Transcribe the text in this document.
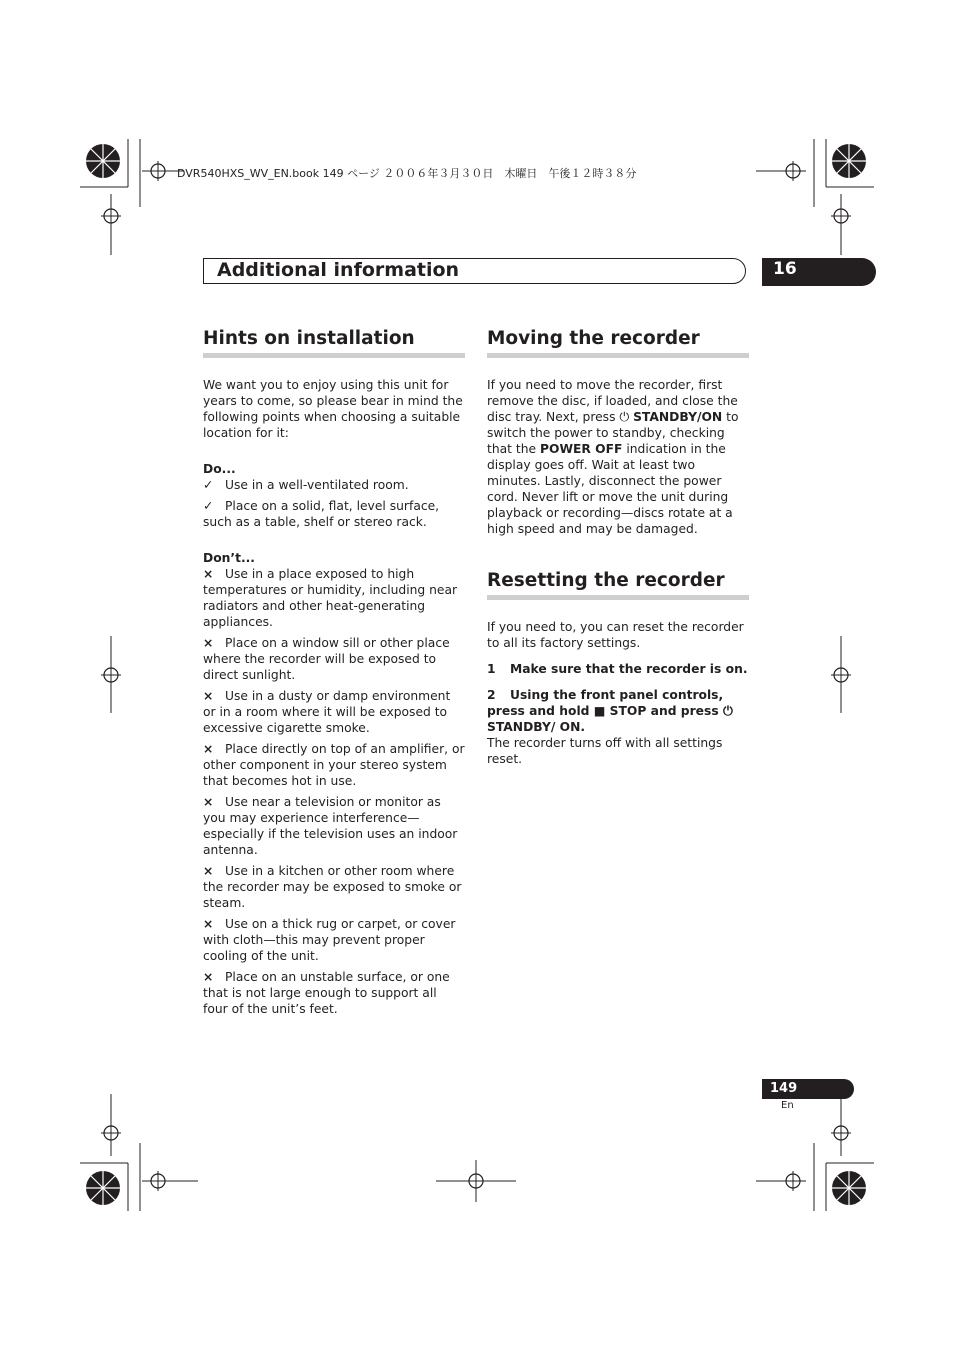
DVR540HXS_WV_EN.book 149 ページ ２００６年３月３０日　木曜日　午後１２時３８分
Additional information	16
Hints on installation

We want you to enjoy using this unit for years to come, so please bear in mind the following points when choosing a suitable location for it:

Do...

✓ Use in a well-ventilated room.

✓ Place on a solid, flat, level surface, such as a table, shelf or stereo rack.

Don’t...

× Use in a place exposed to high temperatures or humidity, including near radiators and other heat-generating appliances.

× Place on a window sill or other place where the recorder will be exposed to direct sunlight.

× Use in a dusty or damp environment or in a room where it will be exposed to excessive cigarette smoke.

× Place directly on top of an amplifier, or other component in your stereo system that becomes hot in use.

× Use near a television or monitor as you may experience interference—especially if the television uses an indoor antenna.

× Use in a kitchen or other room where the recorder may be exposed to smoke or steam.

× Use on a thick rug or carpet, or cover with cloth—this may prevent proper cooling of the unit.

× Place on an unstable surface, or one that is not large enough to support all four of the unit’s feet.

Moving the recorder

If you need to move the recorder, first remove the disc, if loaded, and close the disc tray. Next, press ⏻ STANDBY/ON to switch the power to standby, checking that the POWER OFF indication in the display goes off. Wait at least two minutes. Lastly, disconnect the power cord. Never lift or move the unit during playback or recording—discs rotate at a high speed and may be damaged.

Resetting the recorder

If you need to, you can reset the recorder to all its factory settings.

1 Make sure that the recorder is on.

2 Using the front panel controls, press and hold ■ STOP and press ⏻ STANDBY/ ON.

The recorder turns off with all settings reset.

149
En
